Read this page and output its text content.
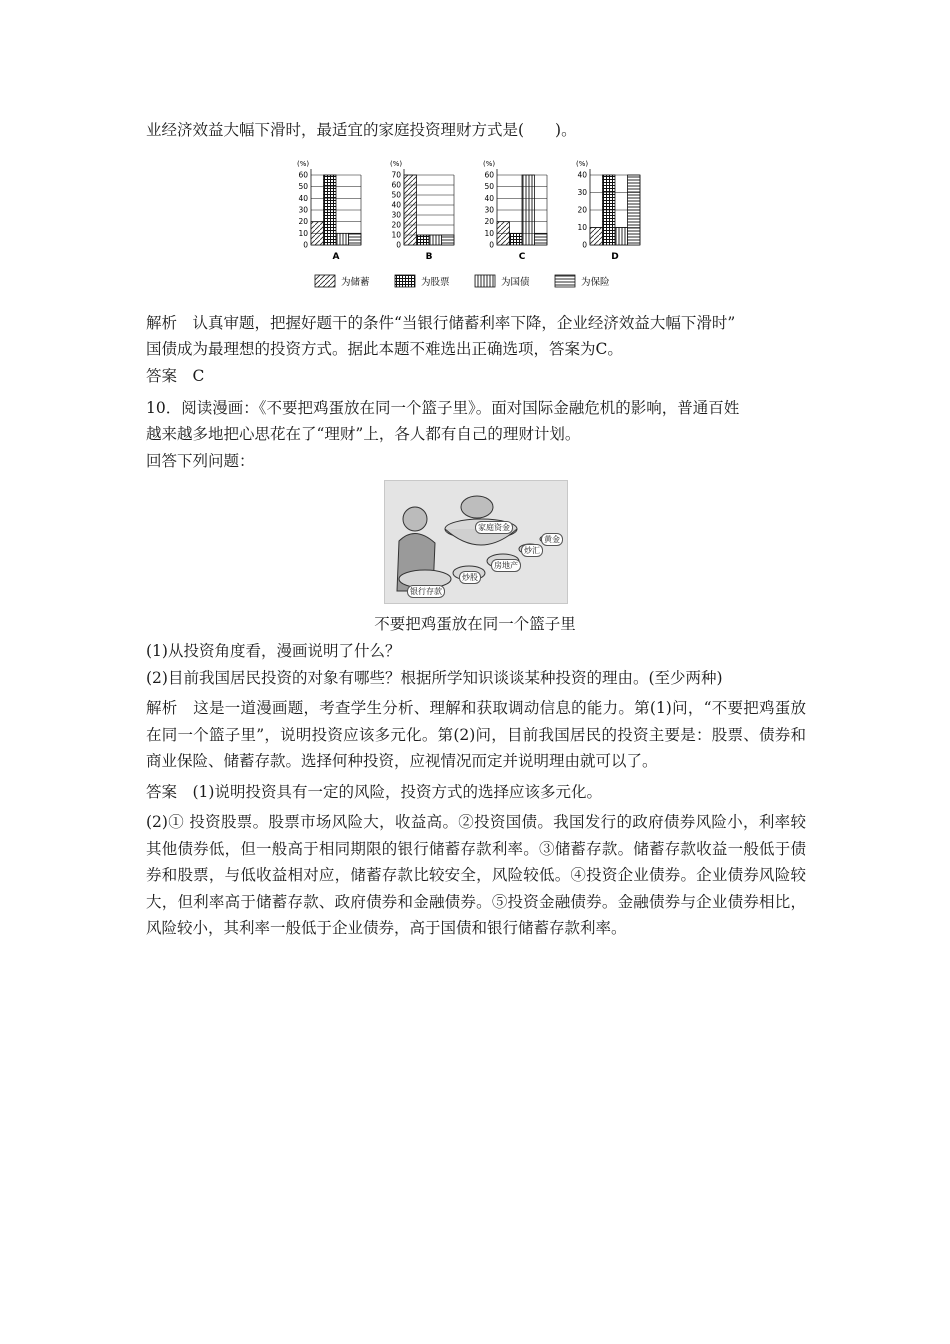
业经济效益大幅下滑时，最适宜的家庭投资理财方式是(　　)。
(%)
0
10
20
30
40
50
60
A
(%)
0
10
20
30
40
50
60
70
B
(%)
0
10
20
30
40
50
60
C
(%)
0
10
20
30
40
D
为储蓄	为股票	为国债	为保险
解析　认真审题，把握好题干的条件“当银行储蓄利率下降，企业经济效益大幅下滑时”
国债成为最理想的投资方式。据此本题不难选出正确选项，答案为C。
答案　C
10．阅读漫画：《不要把鸡蛋放在同一个篮子里》。面对国际金融危机的影响，普通百姓
越来越多地把心思花在了“理财”上，各人都有自己的理财计划。
回答下列问题：
家庭资金
银行存款
炒股
房地产
炒汇
黄金
不要把鸡蛋放在同一个篮子里
(1)从投资角度看，漫画说明了什么？
(2)目前我国居民投资的对象有哪些？根据所学知识谈谈某种投资的理由。(至少两种)
解析　这是一道漫画题，考查学生分析、理解和获取调动信息的能力。第(1)问，“不要把鸡蛋放在同一个篮子里”，说明投资应该多元化。第(2)问，目前我国居民的投资主要是：股票、债券和商业保险、储蓄存款。选择何种投资，应视情况而定并说明理由就可以了。
答案　(1)说明投资具有一定的风险，投资方式的选择应该多元化。
(2)① 投资股票。股票市场风险大，收益高。②投资国债。我国发行的政府债券风险小，利率较其他债券低，但一般高于相同期限的银行储蓄存款利率。③储蓄存款。储蓄存款收益一般低于债券和股票，与低收益相对应，储蓄存款比较安全，风险较低。④投资企业债券。企业债券风险较大，但利率高于储蓄存款、政府债券和金融债券。⑤投资金融债券。金融债券与企业债券相比，风险较小，其利率一般低于企业债券，高于国债和银行储蓄存款利率。
